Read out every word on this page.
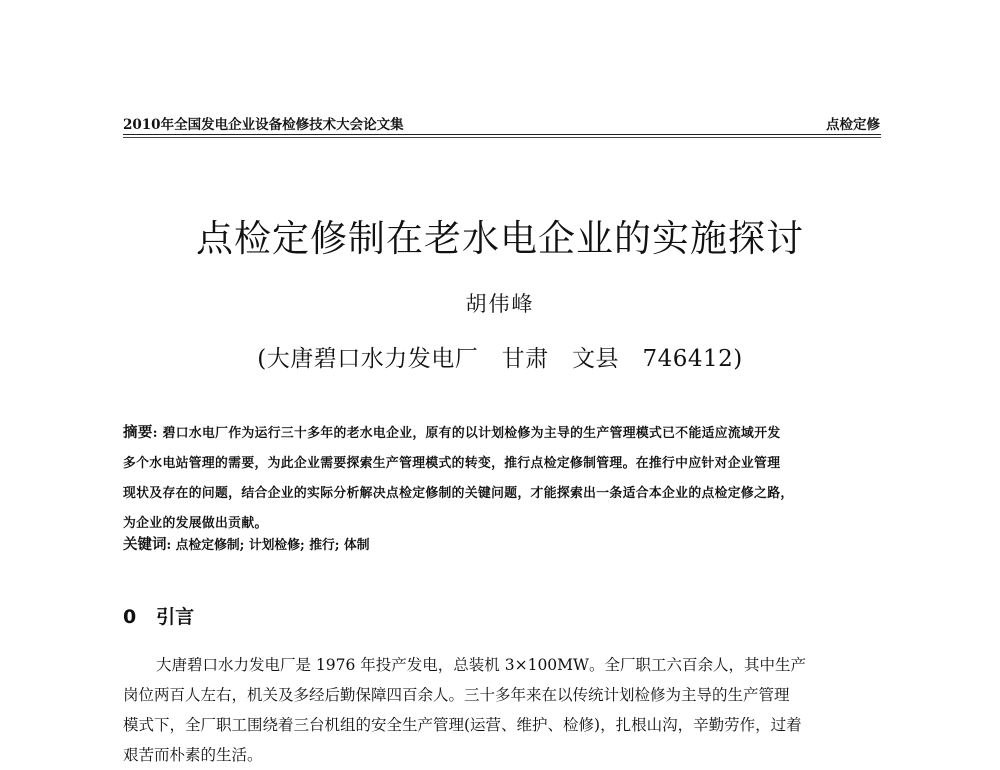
2010年全国发电企业设备检修技术大会论文集	点检定修
点检定修制在老水电企业的实施探讨
胡伟峰
(大唐碧口水力发电厂   甘肃   文县   746412)
摘要: 碧口水电厂作为运行三十多年的老水电企业，原有的以计划检修为主导的生产管理模式已不能适应流域开发
多个水电站管理的需要，为此企业需要探索生产管理模式的转变，推行点检定修制管理。在推行中应针对企业管理
现状及存在的问题，结合企业的实际分析解决点检定修制的关键问题，才能探索出一条适合本企业的点检定修之路，
为企业的发展做出贡献。
关键词: 点检定修制; 计划检修; 推行; 体制
0 引言
大唐碧口水力发电厂是 1976 年投产发电，总装机 3×100MW。全厂职工六百余人，其中生产
岗位两百人左右，机关及多经后勤保障四百余人。三十多年来在以传统计划检修为主导的生产管理
模式下，全厂职工围绕着三台机组的安全生产管理(运营、维护、检修)，扎根山沟，辛勤劳作，过着
艰苦而朴素的生活。
